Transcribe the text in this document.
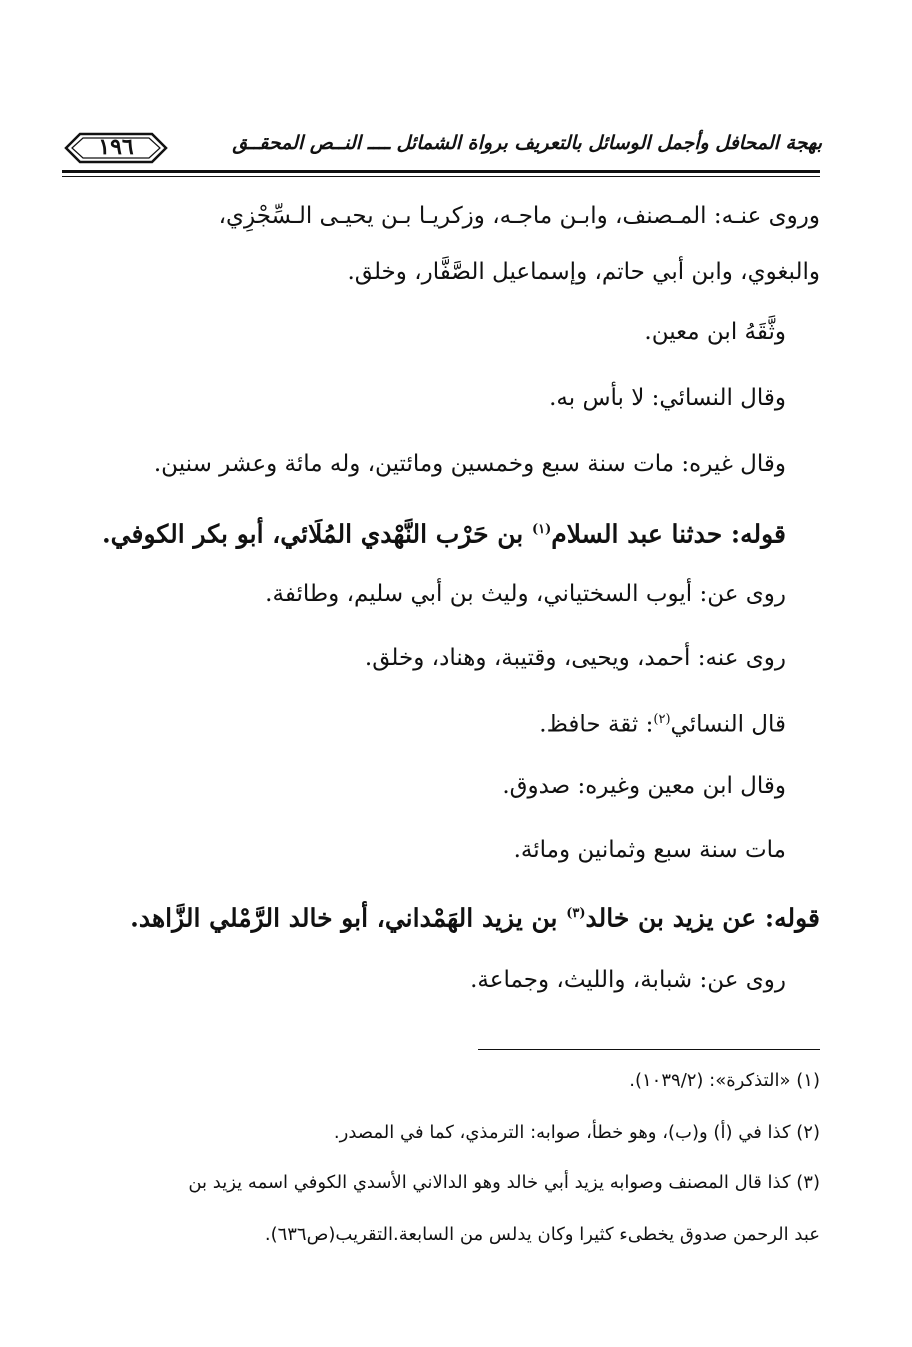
١٩٦	بهجة المحافل وأجمل الوسائل بالتعريف برواة الشمائل ــــ النــص المحقــق
وروى عنـه: المـصنف، وابـن ماجـه، وزكريـا بـن يحيـى الـسِّجْزِي،
والبغوي، وابن أبي حاتم، وإسماعيل الصَّفَّار، وخلق.
وثَّقَهُ ابن معين.
وقال النسائي: لا بأس به.
وقال غيره: مات سنة سبع وخمسين ومائتين، وله مائة وعشر سنين.
قوله: حدثنا عبد السلام$^{(١)}$ بن حَرْب النَّهْدي المُلَائي، أبو بكر الكوفي.
روى عن: أيوب السختياني، وليث بن أبي سليم، وطائفة.
روى عنه: أحمد، ويحيى، وقتيبة، وهناد، وخلق.
قال النسائي$^{(٢)}$: ثقة حافظ.
وقال ابن معين وغيره: صدوق.
مات سنة سبع وثمانين ومائة.
قوله: عن يزيد بن خالد$^{(٣)}$ بن يزيد الهَمْداني، أبو خالد الرَّمْلي الزَّاهد.
روى عن: شبابة، والليث، وجماعة.
(١) «التذكرة»: (١٠٣٩/٢).
(٢) كذا في (أ) و(ب)، وهو خطأ، صوابه: الترمذي، كما في المصدر.
(٣) كذا قال المصنف وصوابه يزيد أبي خالد وهو الدالاني الأسدي الكوفي اسمه يزيد بن
عبد الرحمن صدوق يخطىء كثيرا وكان يدلس من السابعة.التقريب(ص٦٣٦).
